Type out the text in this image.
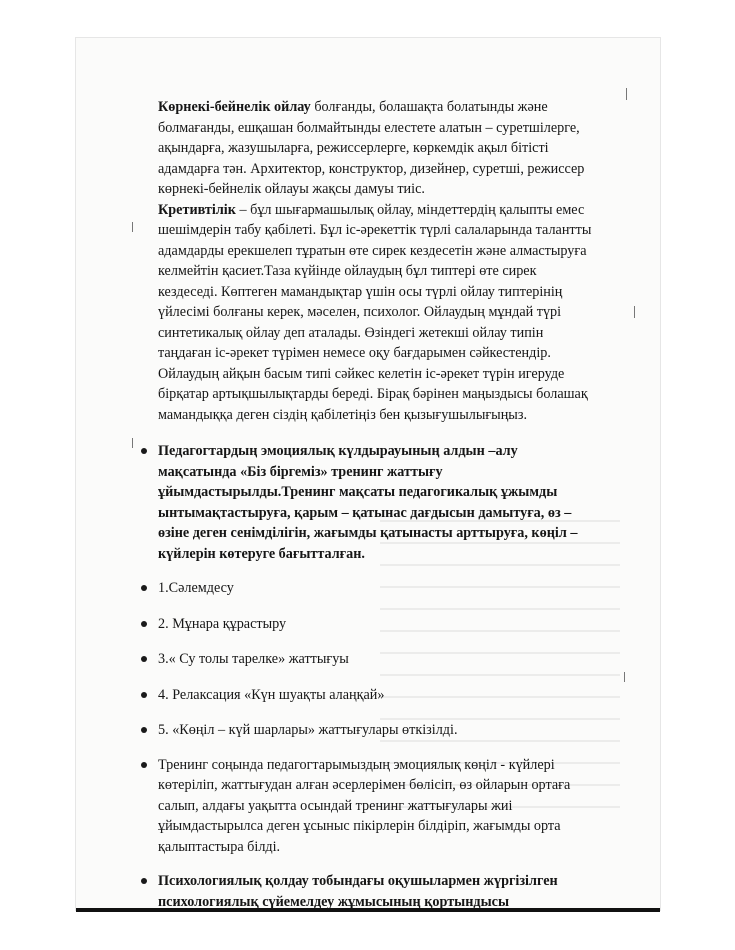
Көрнекі-бейнелік ойлау болғанды, болашақта болатынды және болмағанды, ешқашан болмайтынды елестете алатын – суретшілерге, ақындарға, жазушыларға, режиссерлерге, көркемдік ақыл бітісті адамдарға тән. Архитектор, конструктор, дизейнер, суретші, режиссер көрнекі-бейнелік ойлауы жақсы дамуы тиіс.

Кретивтілік – бұл шығармашылық ойлау, міндеттердің қалыпты емес шешімдерін табу қабілеті. Бұл іс-әрекеттік түрлі салаларында талантты адамдарды ерекшелеп тұратын өте сирек кездесетін және алмастыруға келмейтін қасиет.Таза күйінде ойлаудың бұл типтері өте сирек кездеседі. Көптеген мамандықтар үшін осы түрлі ойлау типтерінің үйлесімі болғаны керек, мәселен, психолог. Ойлаудың мұндай түрі синтетикалық ойлау деп аталады. Өзіндегі жетекші ойлау типін таңдаған іс-әрекет түрімен немесе оқу бағдарымен сәйкестендір. Ойлаудың айқын басым типі сәйкес келетін іс-әрекет түрін игеруде бірқатар артықшылықтарды береді. Бірақ бәрінен маңыздысы болашақ мамандыққа деген сіздің қабілетіңіз бен қызығушылығыңыз.

Педагогтардың эмоциялық күлдырауының алдын –алу мақсатында «Біз біргеміз» тренинг жаттығу ұйымдастырылды.Тренинг мақсаты педагогикалық ұжымды ынтымақтастыруға, қарым – қатынас дағдысын дамытуға, өз – өзіне деген сенімділігін, жағымды қатынасты арттыруға, көңіл – күйлерін көтеруге бағытталған.
1.Сәлемдесу
2. Мұнара құрастыру
3.« Су толы тарелке» жаттығуы
4. Релаксация «Күн шуақты алаңқай»
5. «Көңіл – күй шарлары» жаттығулары өткізілді.
Тренинг соңында педагогтарымыздың эмоциялық көңіл - күйлері көтеріліп, жаттығудан алған әсерлерімен бөлісіп, өз ойларын ортаға салып, алдағы уақытта осындай тренинг жаттығулары жиі ұйымдастырылса деген ұсыныс пікірлерін білдіріп, жағымды орта қалыптастыра білді.
Психологиялық қолдау тобындағы оқушылармен жүргізілген психологиялық сүйемелдеу жұмысының қортындысы
